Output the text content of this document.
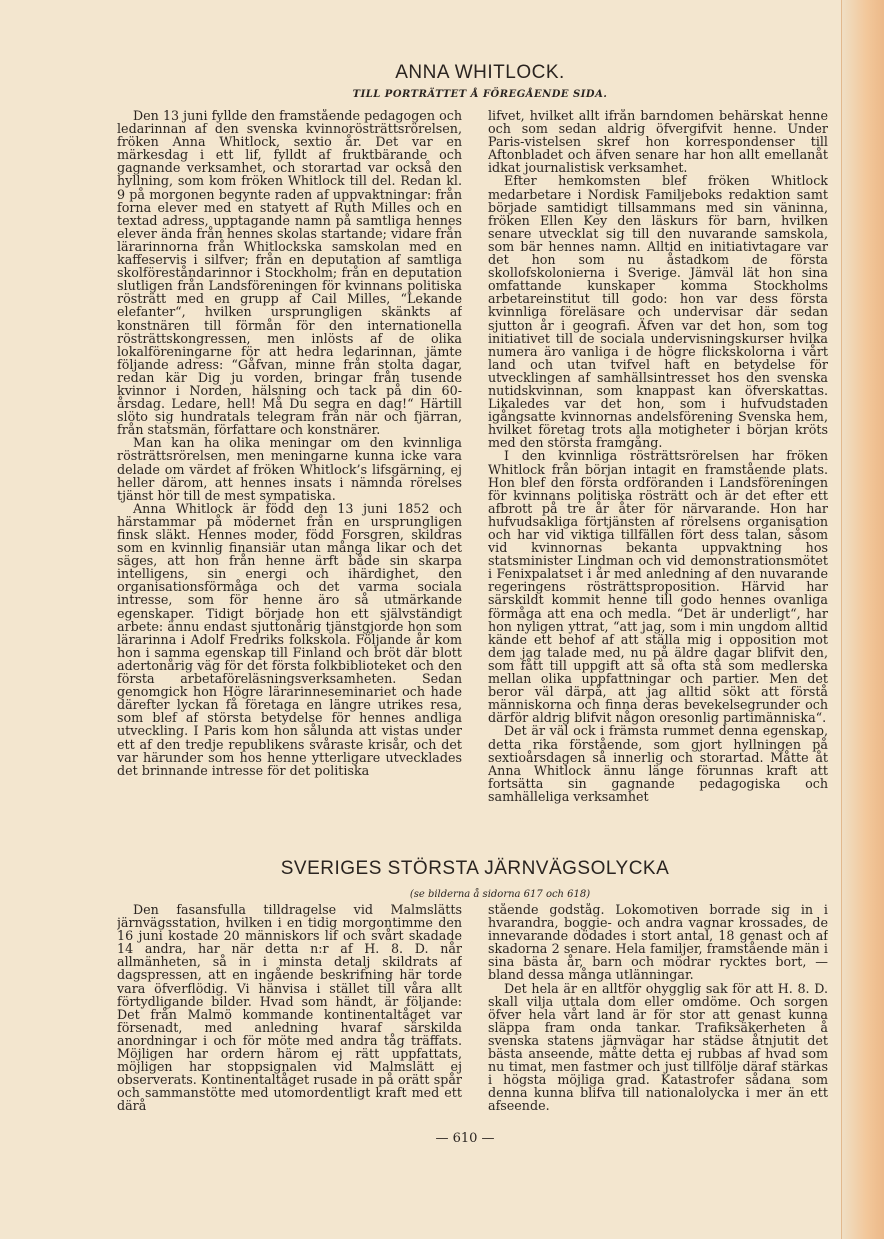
ANNA WHITLOCK.
TILL PORTRÄTTET Å FÖREGÅENDE SIDA.

Den 13 juni fyllde den framstående pedagogen och ledarinnan af den svenska kvinnorösträttsrörelsen, fröken Anna Whitlock, sextio år. Det var en märkesdag i ett lif, fylldt af fruktbärande och gagnande verksamhet, och storartad var också den hyllning, som kom fröken Whitlock till del. Redan kl. 9 på morgonen begynte raden af uppvaktningar: från forna elever med en statyett af Ruth Milles och en textad adress, upptagande namn på samtliga hennes elever ända från hennes skolas startande; vidare från lärarinnorna från Whitlockska samskolan med en kaffeservis i silfver; från en deputation af samtliga skolföreståndarinnor i Stockholm; från en deputation slutligen från Landsföreningen för kvinnans politiska rösträtt med en grupp af Cail Milles, “Lekande elefanter“, hvilken ursprungligen skänkts af konstnären till förmån för den internationella rösträttskongressen, men inlösts af de olika lokalföreningarne för att hedra ledarinnan, jämte följande adress: “Gåfvan, minne från stolta dagar, redan kär Dig ju vorden, bringar från tusende kvinnor i Norden, hälsning och tack på din 60-årsdag. Ledare, hell! Må Du segra en dag!“ Härtill slöto sig hundratals telegram från när och fjärran, från statsmän, författare och konstnärer.

Man kan ha olika meningar om den kvinnliga rösträttsrörelsen, men meningarne kunna icke vara delade om värdet af fröken Whitlock’s lifsgärning, ej heller därom, att hennes insats i nämnda rörelses tjänst hör till de mest sympatiska.

Anna Whitlock är född den 13 juni 1852 och härstammar på mödernet från en ursprungligen finsk släkt. Hennes moder, född Forsgren, skildras som en kvinnlig finansiär utan många likar och det säges, att hon från henne ärft både sin skarpa intelligens, sin energi och ihärdighet, den organisationsförmåga och det varma sociala intresse, som för henne äro så utmärkande egenskaper. Tidigt började hon ett självständigt arbete: ännu endast sjuttonårig tjänstgjorde hon som lärarinna i Adolf Fredriks folkskola. Följande år kom hon i samma egenskap till Finland och bröt där blott adertonårig väg för det första folkbiblioteket och den första arbetaföreläsningsverksamheten. Sedan genomgick hon Högre lärarinneseminariet och hade därefter lyckan få företaga en längre utrikes resa, som blef af största betydelse för hennes andliga utveckling. I Paris kom hon sålunda att vistas under ett af den tredje republikens svåraste krisår, och det var härunder som hos henne ytterligare utvecklades det brinnande intresse för det politiska

lifvet, hvilket allt ifrån barndomen behärskat henne och som sedan aldrig öfvergifvit henne. Under Paris-vistelsen skref hon korrespondenser till Aftonbladet och äfven senare har hon allt emellanåt idkat journalistisk verksamhet.

Efter hemkomsten blef fröken Whitlock medarbetare i Nordisk Familjeboks redaktion samt började samtidigt tillsammans med sin väninna, fröken Ellen Key den läskurs för barn, hvilken senare utvecklat sig till den nuvarande samskola, som bär hennes namn. Alltid en initiativtagare var det hon som nu åstadkom de första skollofskolonierna i Sverige. Jämväl lät hon sina omfattande kunskaper komma Stockholms arbetareinstitut till godo: hon var dess första kvinnliga föreläsare och undervisar där sedan sjutton år i geografi. Äfven var det hon, som tog initiativet till de sociala undervisningskurser hvilka numera äro vanliga i de högre flickskolorna i vårt land och utan tvifvel haft en betydelse för utvecklingen af samhällsintresset hos den svenska nutidskvinnan, som knappast kan öfverskattas. Likaledes var det hon, som i hufvudstaden igångsatte kvinnornas andelsförening Svenska hem, hvilket företag trots alla motigheter i början kröts med den största framgång.

I den kvinnliga rösträttsrörelsen har fröken Whitlock från början intagit en framstående plats. Hon blef den första ordföranden i Landsföreningen för kvinnans politiska rösträtt och är det efter ett afbrott på tre år åter för närvarande. Hon har hufvudsakliga förtjänsten af rörelsens organisation och har vid viktiga tillfällen fört dess talan, såsom vid kvinnornas bekanta uppvaktning hos statsminister Lindman och vid demonstrationsmötet i Fenixpalatset i år med anledning af den nuvarande regeringens rösträttsproposition. Härvid har särskildt kommit henne till godo hennes ovanliga förmåga att ena och medla. “Det är underligt“, har hon nyligen yttrat, “att jag, som i min ungdom alltid kände ett behof af att ställa mig i opposition mot dem jag talade med, nu på äldre dagar blifvit den, som fått till uppgift att så ofta stå som medlerska mellan olika uppfattningar och partier. Men det beror väl därpå, att jag alltid sökt att förstå människorna och finna deras bevekelsegrunder och därför aldrig blifvit någon oresonlig partimänniska“.

Det är väl ock i främsta rummet denna egenskap, detta rika förstående, som gjort hyllningen på sextioårsdagen så innerlig och storartad. Måtte åt Anna Whitlock ännu länge förunnas kraft att fortsätta sin gagnande pedagogiska och samhälleliga verksamhet

SVERIGES STÖRSTA JÄRNVÄGSOLYCKA
(se bilderna å sidorna 617 och 618)

Den fasansfulla tilldragelse vid Malmslätts järnvägsstation, hvilken i en tidig morgontimme den 16 juni kostade 20 människors lif och svårt skadade 14 andra, har när detta n:r af H. 8. D. når allmänheten, så in i minsta detalj skildrats af dagspressen, att en ingående beskrifning här torde vara öfverflödig. Vi hänvisa i stället till våra allt förtydligande bilder. Hvad som händt, är följande: Det från Malmö kommande kontinentaltåget var försenadt, med anledning hvaraf särskilda anordningar i och för möte med andra tåg träffats. Möjligen har ordern härom ej rätt uppfattats, möjligen har stoppsignalen vid Malmslätt ej observerats. Kontinentaltåget rusade in på orätt spår och sammanstötte med utomordentligt kraft med ett därå

stående godståg. Lokomotiven borrade sig in i hvarandra, boggie- och andra vagnar krossades, de innevarande dödades i stort antal, 18 genast och af skadorna 2 senare. Hela familjer, framstående män i sina bästa år, barn och mödrar rycktes bort, — bland dessa många utlänningar.

Det hela är en alltför ohygglig sak för att H. 8. D. skall vilja uttala dom eller omdöme. Och sorgen öfver hela vårt land är för stor att genast kunna släppa fram onda tankar. Trafiksäkerheten å svenska statens järnvägar har städse åtnjutit det bästa anseende, måtte detta ej rubbas af hvad som nu timat, men fastmer och just tillfölje däraf stärkas i högsta möjliga grad. Katastrofer sådana som denna kunna blifva till nationalolycka i mer än ett afseende.

— 610 —
